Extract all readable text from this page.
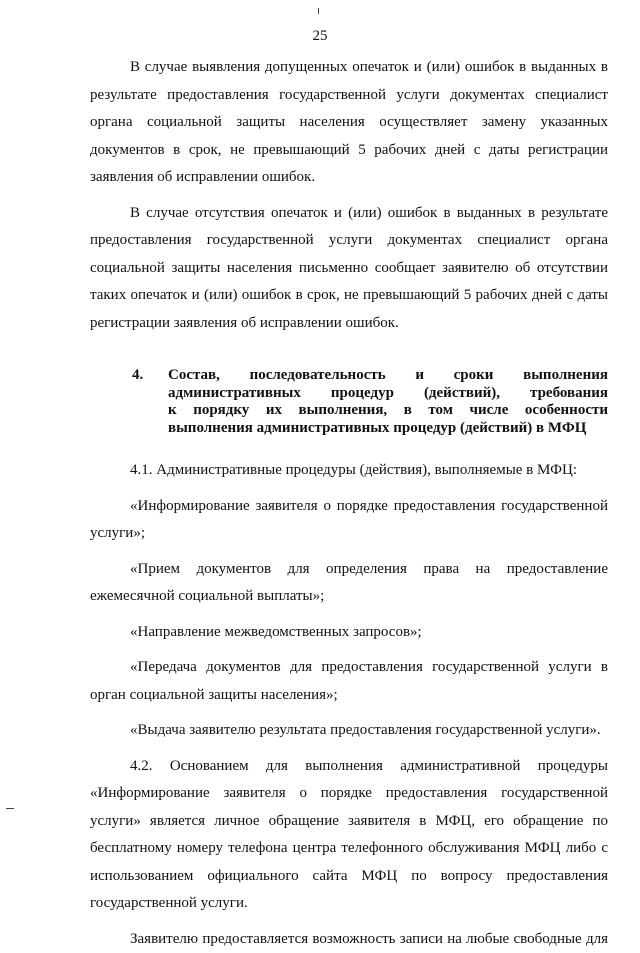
25

В случае выявления допущенных опечаток и (или) ошибок в выданных в результате предоставления государственной услуги документах специалист органа социальной защиты населения осуществляет замену указанных документов в срок, не превышающий 5 рабочих дней с даты регистрации заявления об исправлении ошибок.

В случае отсутствия опечаток и (или) ошибок в выданных в результате предоставления государственной услуги документах специалист органа социальной защиты населения письменно сообщает заявителю об отсутствии таких опечаток и (или) ошибок в срок, не превышающий 5 рабочих дней с даты регистрации заявления об исправлении ошибок.

4.	Состав, последовательность и сроки выполнения
административных процедур (действий), требования
к порядку их выполнения, в том числе особенности
выполнения административных процедур (действий) в МФЦ

4.1. Административные процедуры (действия), выполняемые в МФЦ:

«Информирование заявителя о порядке предоставления государственной услуги»;

«Прием документов для определения права на предоставление ежемесячной социальной выплаты»;

«Направление межведомственных запросов»;

«Передача документов для предоставления государственной услуги в орган социальной защиты населения»;

«Выдача заявителю результата предоставления государственной услуги».

4.2. Основанием для выполнения административной процедуры «Информирование заявителя о порядке предоставления государственной услуги» является личное обращение заявителя в МФЦ, его обращение по бесплатному номеру телефона центра телефонного обслуживания МФЦ либо с использованием официального сайта МФЦ по вопросу предоставления государственной услуги.

Заявителю предоставляется возможность записи на любые свободные для
